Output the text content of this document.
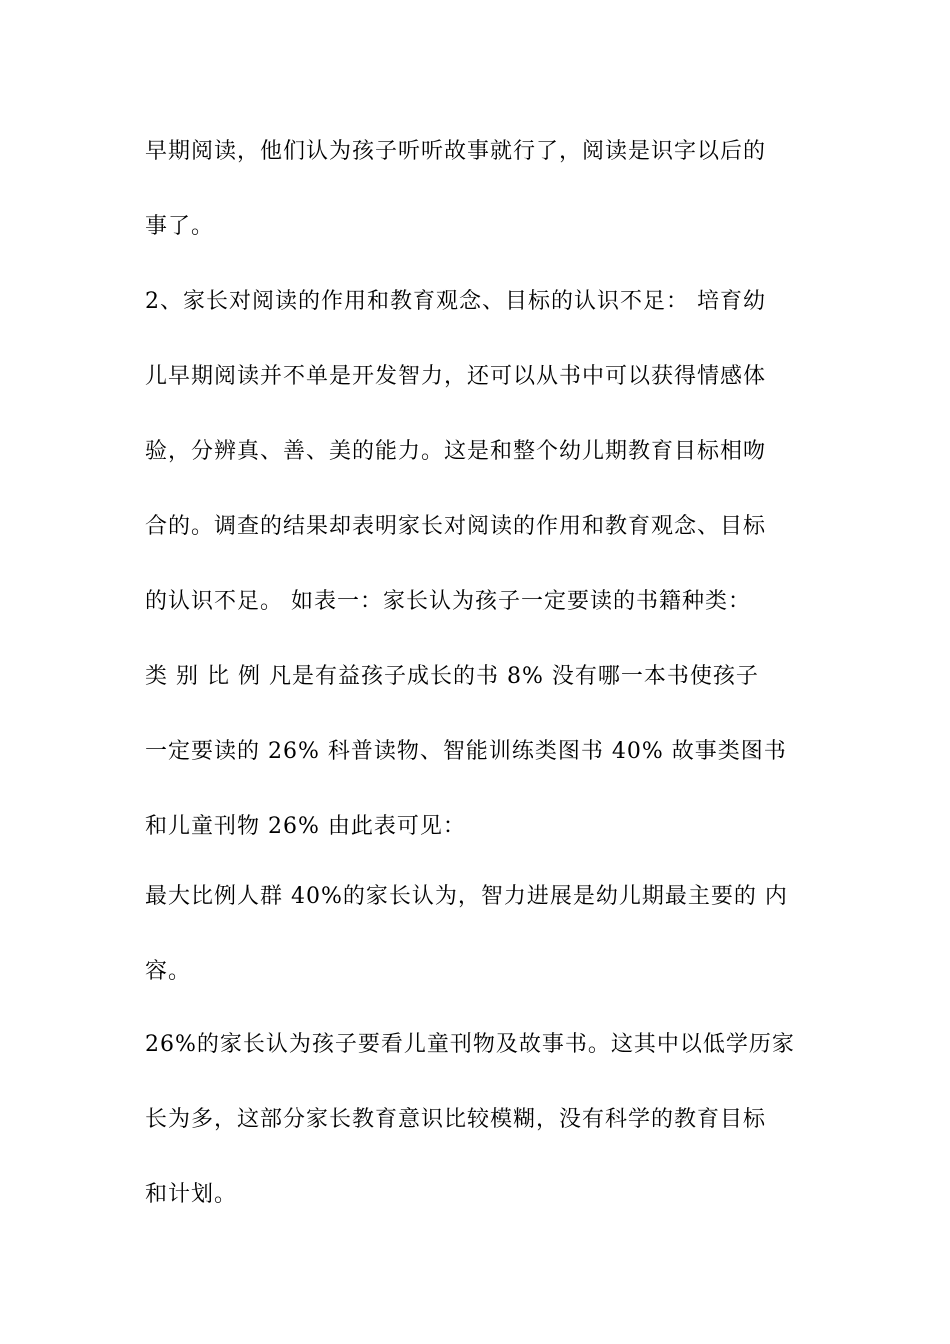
早期阅读，他们认为孩子听听故事就行了，阅读是识字以后的
事了。
2、家长对阅读的作用和教育观念、目标的认识不足： 培育幼
儿早期阅读并不单是开发智力，还可以从书中可以获得情感体
验，分辨真、善、美的能力。这是和整个幼儿期教育目标相吻
合的。调查的结果却表明家长对阅读的作用和教育观念、目标
的认识不足。 如表一：家长认为孩子一定要读的书籍种类：
类 别 比 例 凡是有益孩子成长的书 8% 没有哪一本书使孩子
一定要读的 26% 科普读物、智能训练类图书 40% 故事类图书
和儿童刊物 26% 由此表可见：
最大比例人群 40%的家长认为，智力进展是幼儿期最主要的 内
容。
26%的家长认为孩子要看儿童刊物及故事书。这其中以低学历家
长为多，这部分家长教育意识比较模糊，没有科学的教育目标
和计划。
